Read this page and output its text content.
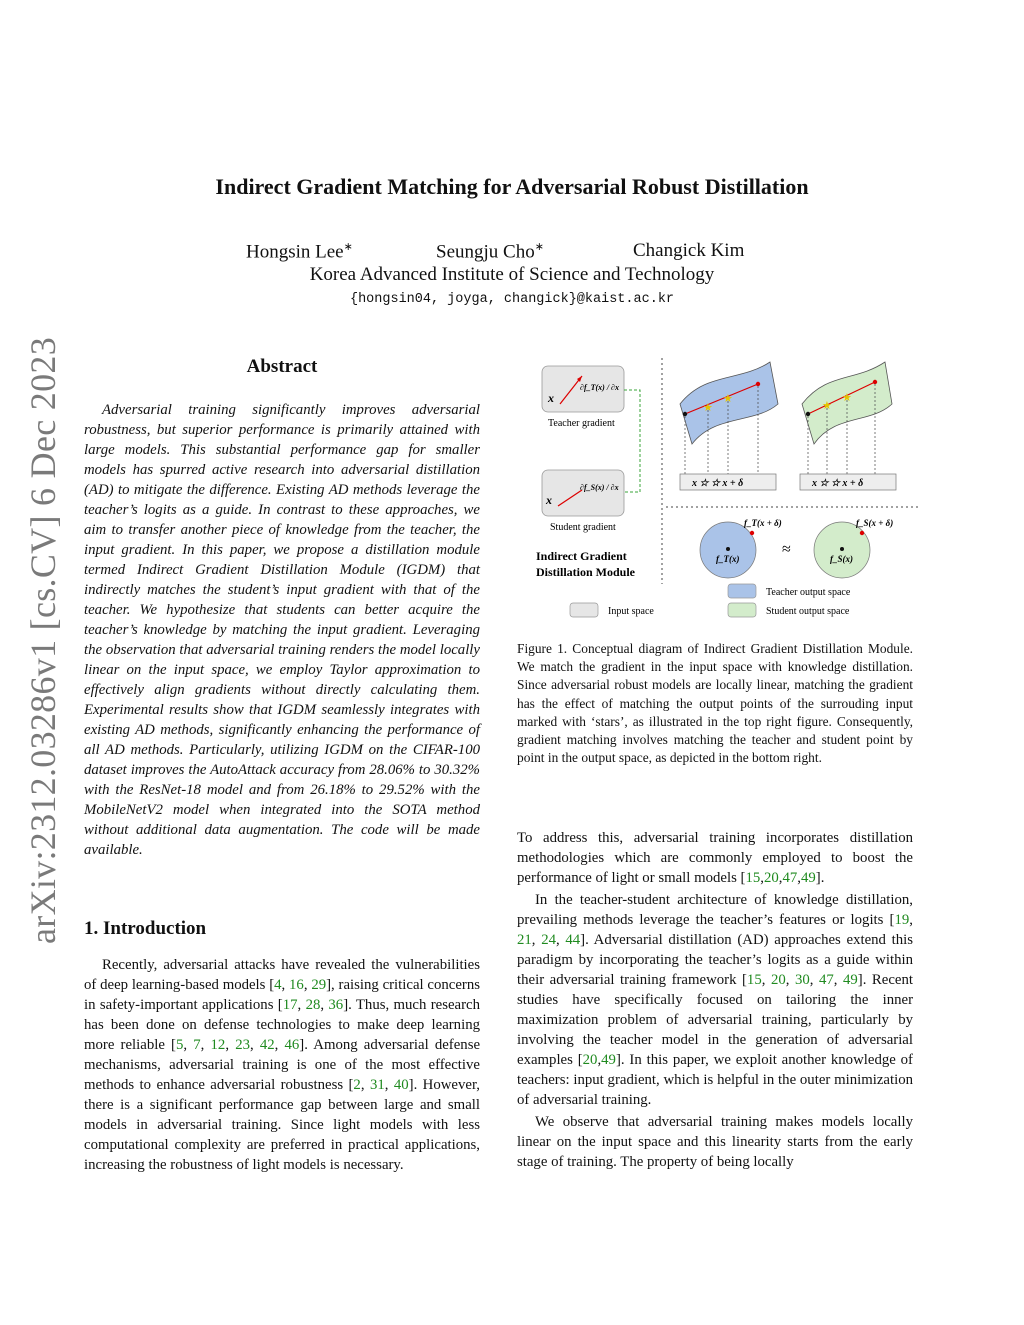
arXiv:2312.03286v1 [cs.CV] 6 Dec 2023
Indirect Gradient Matching for Adversarial Robust Distillation
Hongsin Lee∗	Seungju Cho∗	Changick Kim
Korea Advanced Institute of Science and Technology
{hongsin04, joyga, changick}@kaist.ac.kr
Abstract

Adversarial training significantly improves adversarial robustness, but superior performance is primarily attained with large models. This substantial performance gap for smaller models has spurred active research into adversarial distillation (AD) to mitigate the difference. Existing AD methods leverage the teacher’s logits as a guide. In contrast to these approaches, we aim to transfer another piece of knowledge from the teacher, the input gradient. In this paper, we propose a distillation module termed Indirect Gradient Distillation Module (IGDM) that indirectly matches the student’s input gradient with that of the teacher. We hypothesize that students can better acquire the teacher’s knowledge by matching the input gradient. Leveraging the observation that adversarial training renders the model locally linear on the input space, we employ Taylor approximation to effectively align gradients without directly calculating them. Experimental results show that IGDM seamlessly integrates with existing AD methods, significantly enhancing the performance of all AD methods. Particularly, utilizing IGDM on the CIFAR-100 dataset improves the AutoAttack accuracy from 28.06% to 30.32% with the ResNet-18 model and from 26.18% to 29.52% with the MobileNetV2 model when integrated into the SOTA method without additional data augmentation. The code will be made available.

1. Introduction

Recently, adversarial attacks have revealed the vulnerabilities of deep learning-based models [4, 16, 29], raising critical concerns in safety-important applications [17, 28, 36]. Thus, much research has been done on defense technologies to make deep learning more reliable [5, 7, 12, 23, 42, 46]. Among adversarial defense mechanisms, adversarial training is one of the most effective methods to enhance adversarial robustness [2, 31, 40]. However, there is a significant performance gap between large and small models in adversarial training. Since light models with less computational complexity are preferred in practical applications, increasing the robustness of light models is necessary.

x
∂f_T(x) / ∂x
Teacher gradient
x
∂f_S(x) / ∂x
Student gradient
Indirect Gradient
Distillation Module
★
★
★
★
x ☆ ☆ x + δ	x ☆ ☆ x + δ
f_T(x)
f_T(x + δ)
≈
f_S(x)
f_S(x + δ)
Input space
Teacher output space
Student output space
Figure 1. Conceptual diagram of Indirect Gradient Distillation Module. We match the gradient in the input space with knowledge distillation. Since adversarial robust models are locally linear, matching the gradient has the effect of matching the output points of the surrouding input marked with ‘stars’, as illustrated in the top right figure. Consequently, gradient matching involves matching the teacher and student point by point in the output space, as depicted in the bottom right.

To address this, adversarial training incorporates distillation methodologies which are commonly employed to boost the performance of light or small models [15,20,47,49].

In the teacher-student architecture of knowledge distillation, prevailing methods leverage the teacher’s features or logits [19, 21, 24, 44]. Adversarial distillation (AD) approaches extend this paradigm by incorporating the teacher’s logits as a guide within their adversarial training framework [15, 20, 30, 47, 49]. Recent studies have specifically focused on tailoring the inner maximization problem of adversarial training, particularly by involving the teacher model in the generation of adversarial examples [20,49]. In this paper, we exploit another knowledge of teachers: input gradient, which is helpful in the outer minimization of adversarial training.

We observe that adversarial training makes models locally linear on the input space and this linearity starts from the early stage of training. The property of being locally
